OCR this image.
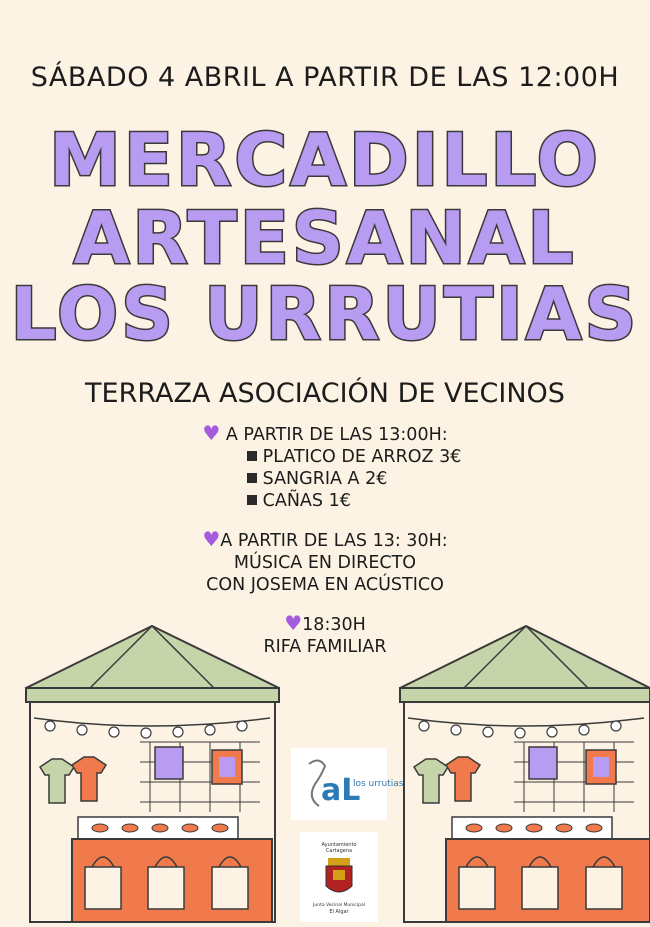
SÁBADO 4 ABRIL A PARTIR DE LAS 12:00H
MERCADILLO
ARTESANAL
LOS URRUTIAS
TERRAZA ASOCIACIÓN DE VECINOS
♥ A PARTIR DE LAS 13:00H:
PLATICO DE ARROZ 3€
SANGRIA A 2€
CAÑAS 1€
♥A PARTIR DE LAS 13: 30H:
MÚSICA EN DIRECTO
CON JOSEMA EN ACÚSTICO
♥18:30H
RIFA FAMILIAR
aL
los urrutias
Ayuntamiento
Cartagena
Junta Vecinal Municipal
El Algar
